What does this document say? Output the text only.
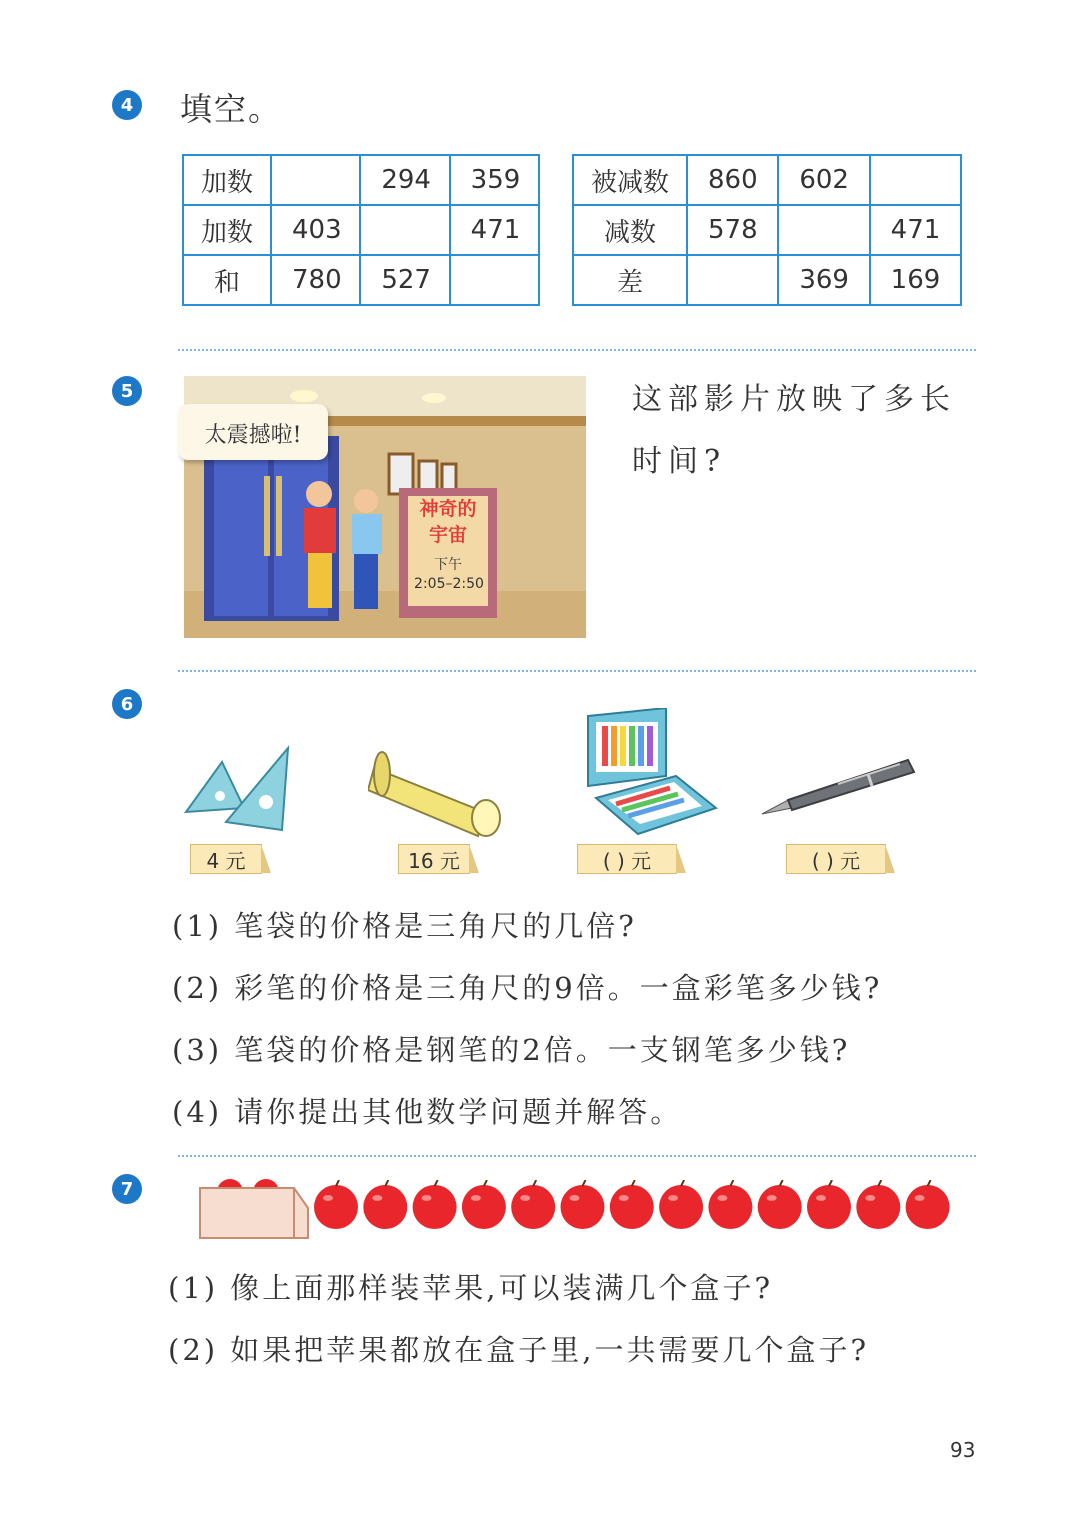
4 填空。
加数		294	359
加数	403		471
和	780	527	
被减数	860	602	
减数	578		471
差		369	169
5
神奇的
宇宙
下午
2:05–2:50
太震撼啦!
这部影片放映了多长
时间?
6
4 元	16 元	( ) 元	( ) 元
(1) 笔袋的价格是三角尺的几倍?
(2) 彩笔的价格是三角尺的9倍。一盒彩笔多少钱?
(3) 笔袋的价格是钢笔的2倍。一支钢笔多少钱?
(4) 请你提出其他数学问题并解答。
7
(1) 像上面那样装苹果,可以装满几个盒子?
(2) 如果把苹果都放在盒子里,一共需要几个盒子?
93
